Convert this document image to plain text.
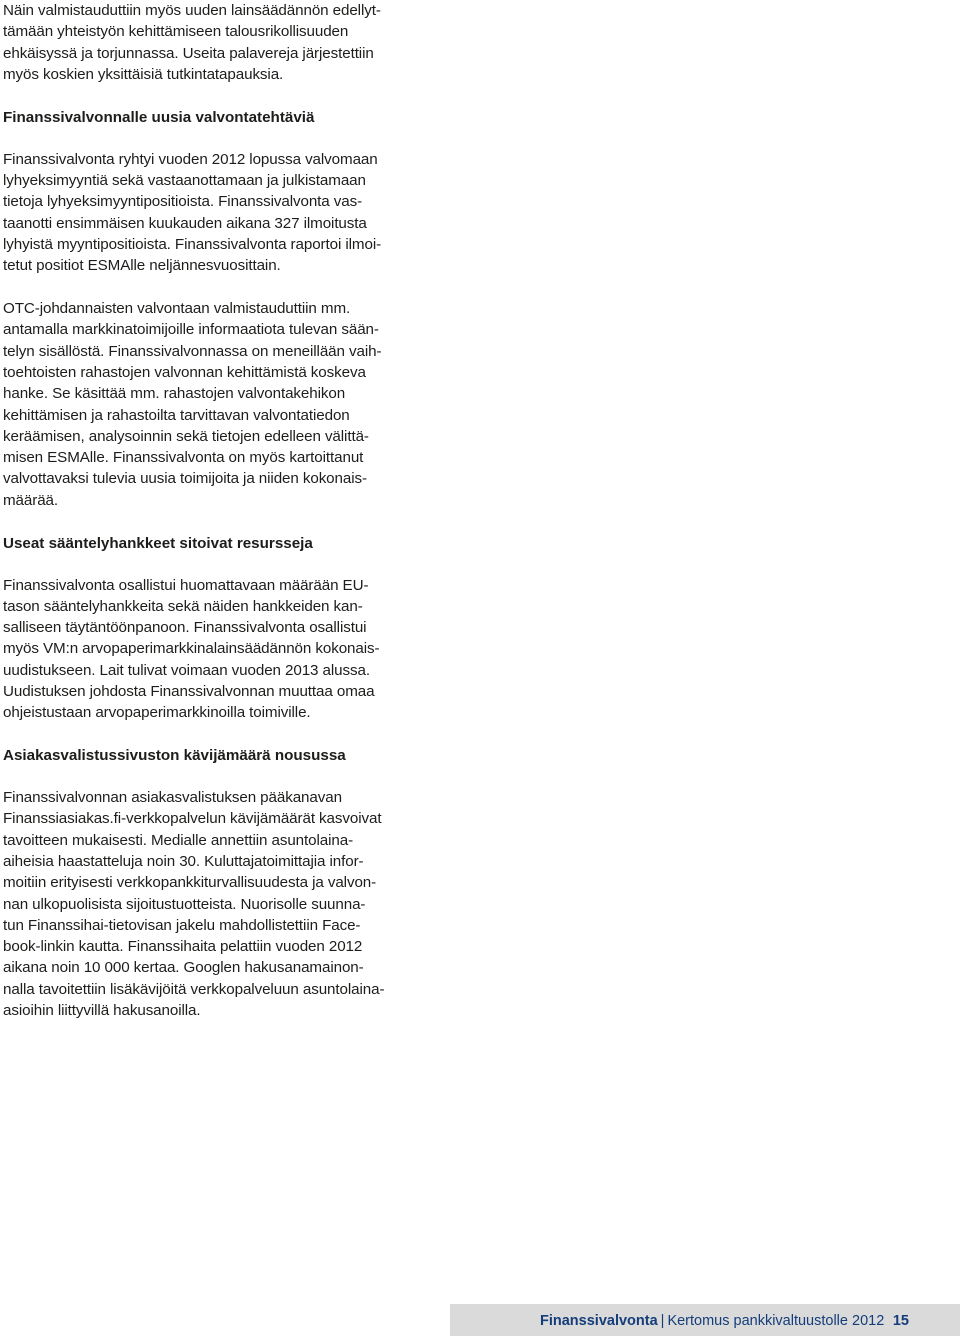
Näin valmistauduttiin myös uuden lainsäädännön edellyt-
tämään yhteistyön kehittämiseen talousrikollisuuden
ehkäisyssä ja torjunnassa. Useita palavereja järjestettiin
myös koskien yksittäisiä tutkintatapauksia.
Finanssivalvonnalle uusia valvontatehtäviä
Finanssivalvonta ryhtyi vuoden 2012 lopussa valvomaan
lyhyeksimyyntiä sekä vastaanottamaan ja julkistamaan
tietoja lyhyeksimyyntipositioista. Finanssivalvonta vas-
taanotti ensimmäisen kuukauden aikana 327 ilmoitusta
lyhyistä myyntipositioista. Finanssivalvonta raportoi ilmoi-
tetut positiot ESMAlle neljännesvuosittain.
OTC-johdannaisten valvontaan valmistauduttiin mm.
antamalla markkinatoimijoille informaatiota tulevan sään-
telyn sisällöstä. Finanssivalvonnassa on meneillään vaih-
toehtoisten rahastojen valvonnan kehittämistä koskeva
hanke. Se käsittää mm. rahastojen valvontakehikon
kehittämisen ja rahastoilta tarvittavan valvontatiedon
keräämisen, analysoinnin sekä tietojen edelleen välittä-
misen ESMAlle. Finanssivalvonta on myös kartoittanut
valvottavaksi tulevia uusia toimijoita ja niiden kokonais-
määrää.
Useat sääntelyhankkeet sitoivat resursseja
Finanssivalvonta osallistui huomattavaan määrään EU-
tason sääntelyhankkeita sekä näiden hankkeiden kan-
salliseen täytäntöönpanoon. Finanssivalvonta osallistui
myös VM:n arvopaperimarkkinalainsäädännön kokonais-
uudistukseen. Lait tulivat voimaan vuoden 2013 alussa.
Uudistuksen johdosta Finanssivalvonnan muuttaa omaa
ohjeistustaan arvopaperimarkkinoilla toimiville.
Asiakasvalistussivuston kävijämäärä nousussa
Finanssivalvonnan asiakasvalistuksen pääkanavan
Finanssiasiakas.fi-verkkopalvelun kävijämäärät kasvoivat
tavoitteen mukaisesti. Medialle annettiin asuntolaina-
aiheisia haastatteluja noin 30. Kuluttajatoimittajia infor-
moitiin erityisesti verkkopankkiturvallisuudesta ja valvon-
nan ulkopuolisista sijoitustuotteista. Nuorisolle suunna-
tun Finanssihai-tietovisan jakelu mahdollistettiin Face-
book-linkin kautta. Finanssihaita pelattiin vuoden 2012
aikana noin 10 000 kertaa. Googlen hakusanamainon-
nalla tavoitettiin lisäkävijöitä verkkopalveluun asuntolaina-
asioihin liittyvillä hakusanoilla.
Finanssivalvonta | Kertomus pankkivaltuustolle 2012 15
